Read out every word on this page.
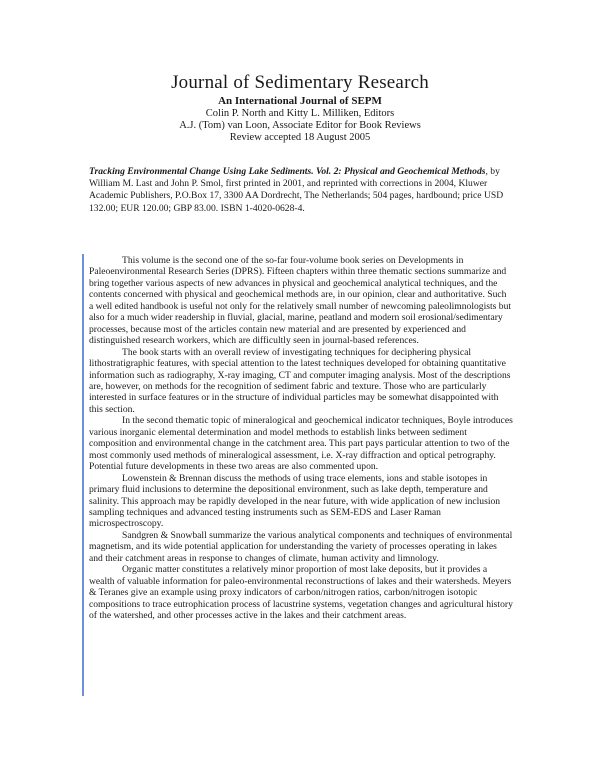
Journal of Sedimentary Research
An International Journal of SEPM
Colin P. North and Kitty L. Milliken, Editors
A.J. (Tom) van Loon, Associate Editor for Book Reviews
Review accepted 18 August 2005
Tracking Environmental Change Using Lake Sediments. Vol. 2: Physical and Geochemical Methods, by William M. Last and John P. Smol, first printed in 2001, and reprinted with corrections in 2004, Kluwer Academic Publishers, P.O.Box 17, 3300 AA Dordrecht, The Netherlands; 504 pages, hardbound; price USD 132.00; EUR 120.00; GBP 83.00. ISBN 1-4020-0628-4.

This volume is the second one of the so-far four-volume book series on Developments in Paleoenvironmental Research Series (DPRS). Fifteen chapters within three thematic sections summarize and bring together various aspects of new advances in physical and geochemical analytical techniques, and the contents concerned with physical and geochemical methods are, in our opinion, clear and authoritative. Such a well edited handbook is useful not only for the relatively small number of newcoming paleolimnologists but also for a much wider readership in fluvial, glacial, marine, peatland and modern soil erosional/sedimentary processes, because most of the articles contain new material and are presented by experienced and distinguished research workers, which are difficultly seen in journal-based references.

The book starts with an overall review of investigating techniques for deciphering physical lithostratigraphic features, with special attention to the latest techniques developed for obtaining quantitative information such as radiography, X-ray imaging, CT and computer imaging analysis. Most of the descriptions are, however, on methods for the recognition of sediment fabric and texture. Those who are particularly interested in surface features or in the structure of individual particles may be somewhat disappointed with this section.

In the second thematic topic of mineralogical and geochemical indicator techniques, Boyle introduces various inorganic elemental determination and model methods to establish links between sediment composition and environmental change in the catchment area. This part pays particular attention to two of the most commonly used methods of mineralogical assessment, i.e. X-ray diffraction and optical petrography. Potential future developments in these two areas are also commented upon.

Lowenstein & Brennan discuss the methods of using trace elements, ions and stable isotopes in primary fluid inclusions to determine the depositional environment, such as lake depth, temperature and salinity. This approach may be rapidly developed in the near future, with wide application of new inclusion sampling techniques and advanced testing instruments such as SEM-EDS and Laser Raman microspectroscopy.

Sandgren & Snowball summarize the various analytical components and techniques of environmental magnetism, and its wide potential application for understanding the variety of processes operating in lakes and their catchment areas in response to changes of climate, human activity and limnology.

Organic matter constitutes a relatively minor proportion of most lake deposits, but it provides a wealth of valuable information for paleo-environmental reconstructions of lakes and their watersheds. Meyers & Teranes give an example using proxy indicators of carbon/nitrogen ratios, carbon/nitrogen isotopic compositions to trace eutrophication process of lacustrine systems, vegetation changes and agricultural history of the watershed, and other processes active in the lakes and their catchment areas.
